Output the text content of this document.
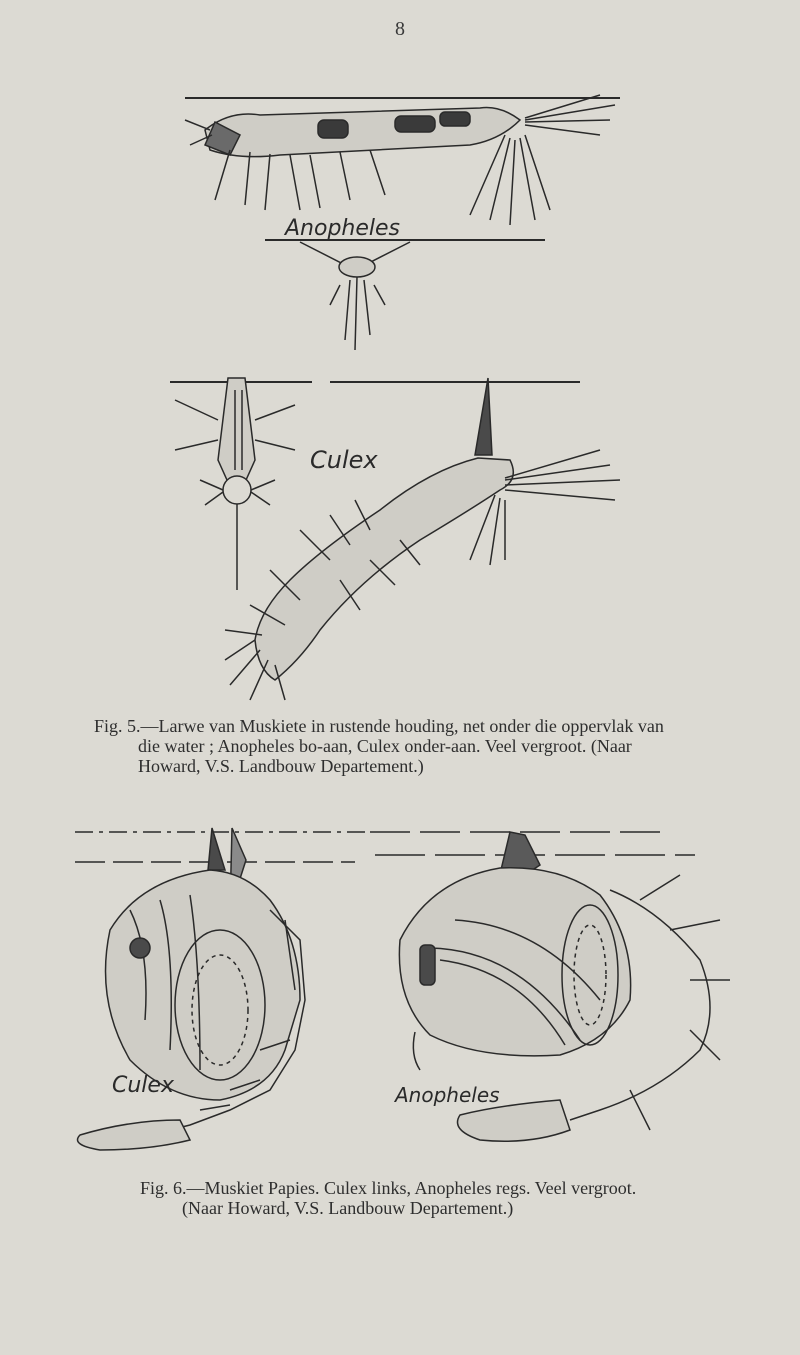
8
Anopheles
Culex
Fig. 5.—Larwe van Muskiete in rustende houding, net onder die oppervlak van
die water ; Anopheles bo-aan, Culex onder-aan. Veel vergroot. (Naar
Howard, V.S. Landbouw Departement.)
Culex	Anopheles
Fig. 6.—Muskiet Papies. Culex links, Anopheles regs. Veel vergroot.
(Naar Howard, V.S. Landbouw Departement.)
